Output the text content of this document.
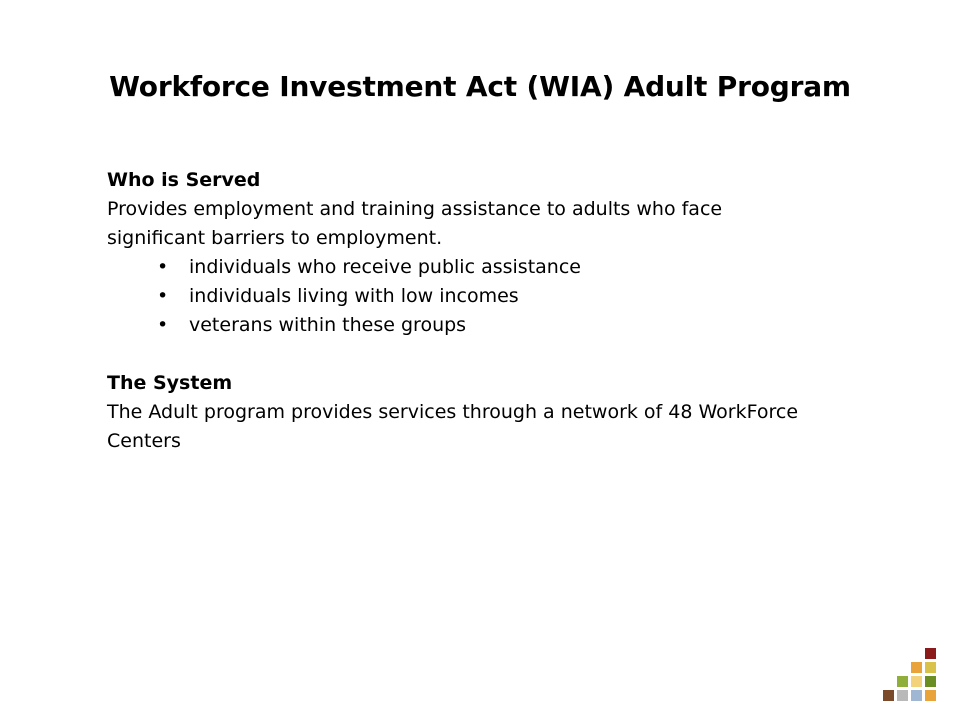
Workforce Investment Act (WIA) Adult Program

Who is Served

Provides employment and training assistance to adults who face significant barriers to employment.

• individuals who receive public assistance
• individuals living with low incomes
• veterans within these groups

The System

The Adult program provides services through a network of 48 WorkForce Centers
